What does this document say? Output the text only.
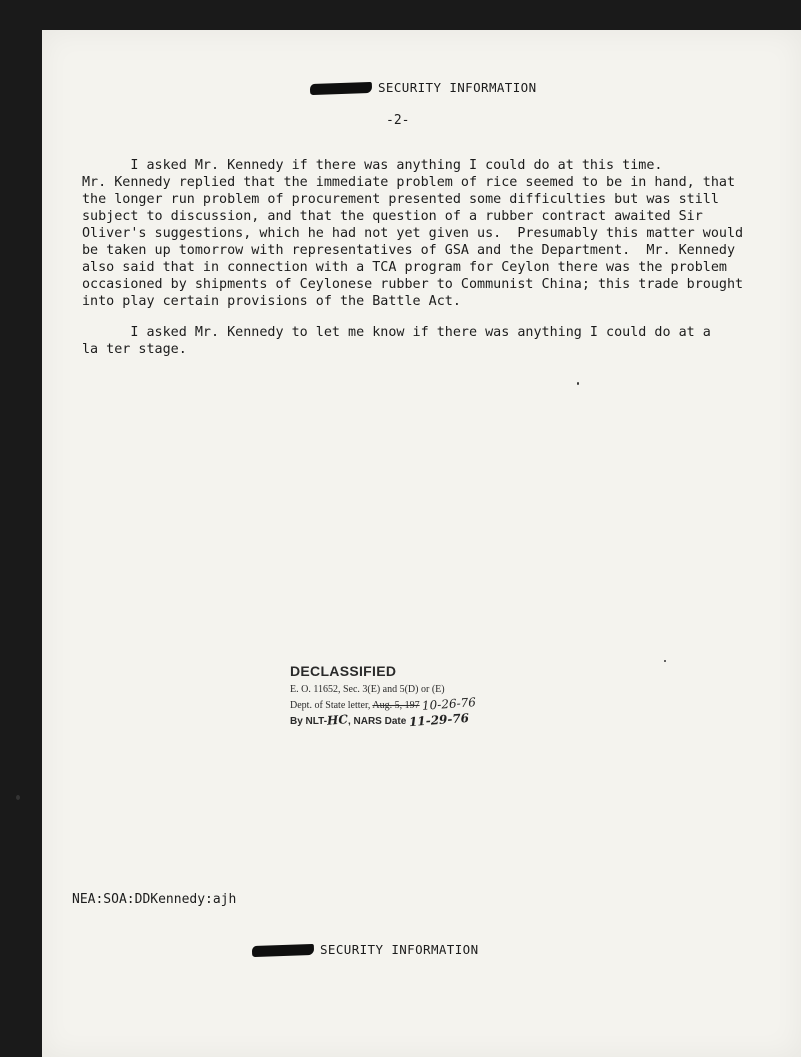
SECURITY INFORMATION
-2-

I asked Mr. Kennedy if there was anything I could do at this time.
Mr. Kennedy replied that the immediate problem of rice seemed to be in hand, that
the longer run problem of procurement presented some difficulties but was still
subject to discussion, and that the question of a rubber contract awaited Sir
Oliver's suggestions, which he had not yet given us.  Presumably this matter would
be taken up tomorrow with representatives of GSA and the Department.  Mr. Kennedy
also said that in connection with a TCA program for Ceylon there was the problem
occasioned by shipments of Ceylonese rubber to Communist China; this trade brought
into play certain provisions of the Battle Act.

I asked Mr. Kennedy to let me know if there was anything I could do at a
la ter stage.

DECLASSIFIED
E. O. 11652, Sec. 3(E) and 5(D) or (E)
Dept. of State letter, Aug. 5, 197 10-26-76
By NLT-HC, NARS Date 11-29-76
NEA:SOA:DDKennedy:ajh
SECURITY INFORMATION
